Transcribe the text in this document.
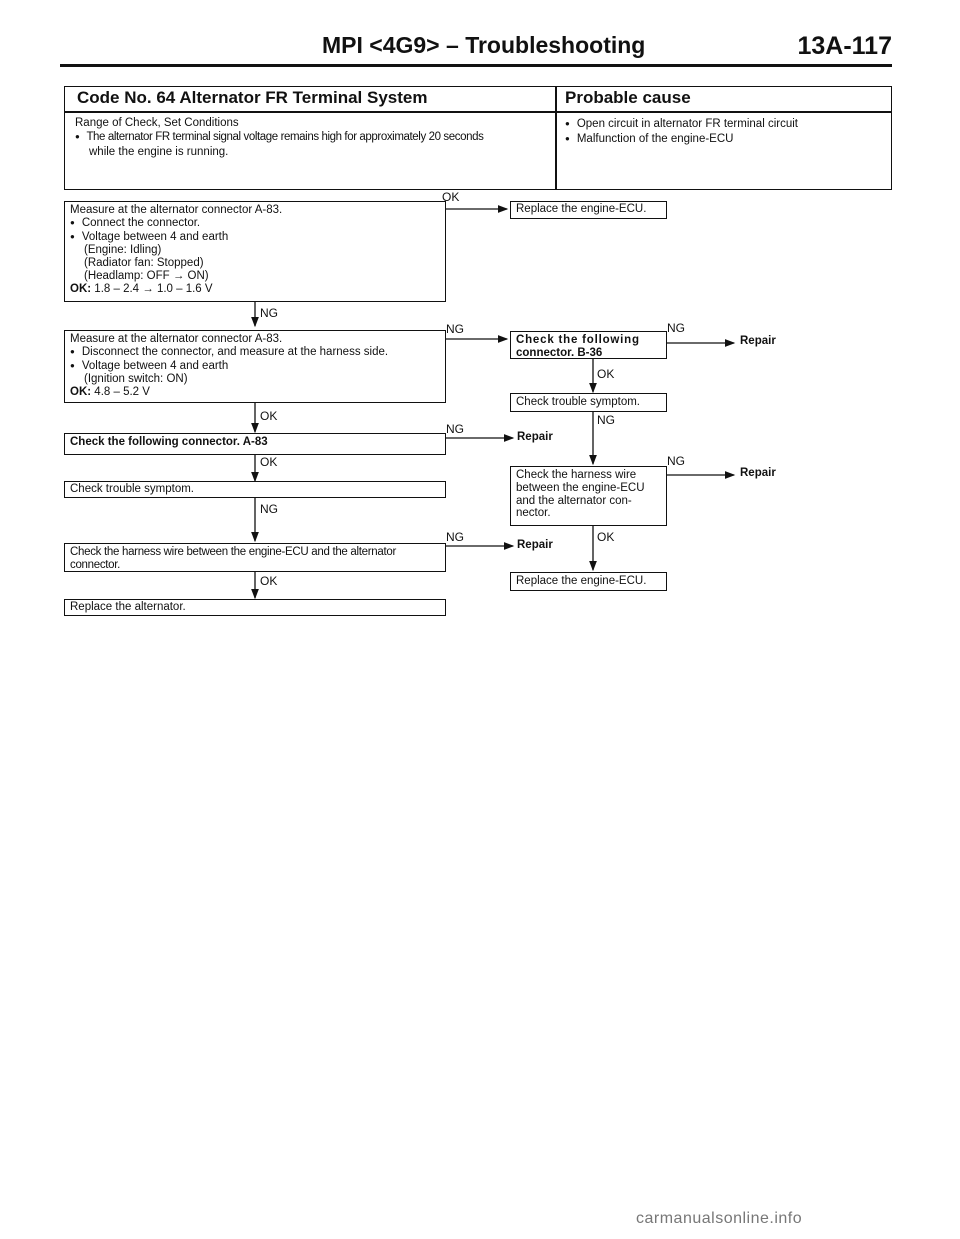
MPI <4G9> – Troubleshooting	13A-117
Code No. 64 Alternator FR Terminal System	Probable cause
Range of Check, Set Conditions
● The alternator FR terminal signal voltage remains high for approximately 20 seconds
while the engine is running.
● Open circuit in alternator FR terminal circuit
● Malfunction of the engine-ECU
Measure at the alternator connector A-83.
● Connect the connector.
● Voltage between 4 and earth
(Engine: Idling)
(Radiator fan: Stopped)
(Headlamp: OFF → ON)
OK: 1.8 – 2.4 → 1.0 – 1.6 V
Measure at the alternator connector A-83.
● Disconnect the connector, and measure at the harness side.
● Voltage between 4 and earth
(Ignition switch: ON)
OK: 4.8 – 5.2 V
Check the following connector. A-83
Check trouble symptom.
Check the harness wire between the engine-ECU and the alternator connector.
Replace the alternator.
Replace the engine-ECU.
Check the following
connector. B-36
Check trouble symptom.
Check the harness wire between the engine-ECU and the alternator con-nector.
Replace the engine-ECU.
OK
NG
NG	NG
OK
OK	NG
NG
OK	NG
NG
NG	OK
OK
Repair
Repair
Repair
Repair
carmanualsonline.info
